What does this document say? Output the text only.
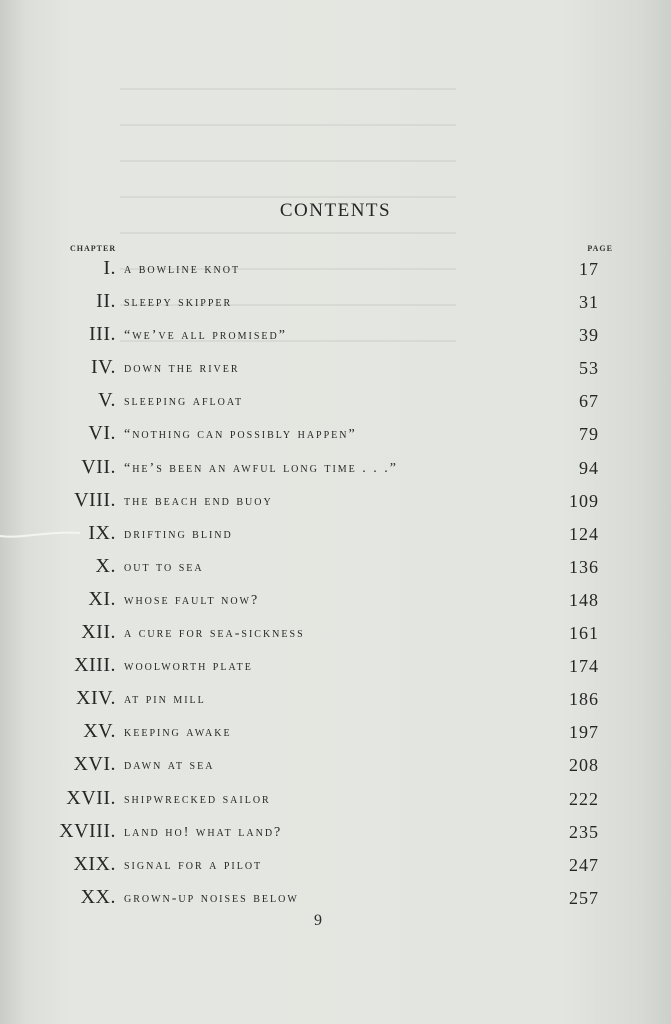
CONTENTS
CHAPTER	PAGE
I. a bowline knot	17
II. sleepy skipper	31
III. “we’ve all promised”	39
IV. down the river	53
V. sleeping afloat	67
VI. “nothing can possibly happen”	79
VII. “he’s been an awful long time . . .”	94
VIII. the beach end buoy	109
IX. drifting blind	124
X. out to sea	136
XI. whose fault now?	148
XII. a cure for sea-sickness	161
XIII. woolworth plate	174
XIV. at pin mill	186
XV. keeping awake	197
XVI. dawn at sea	208
XVII. shipwrecked sailor	222
XVIII. land ho! what land?	235
XIX. signal for a pilot	247
XX. grown-up noises below	257
9
